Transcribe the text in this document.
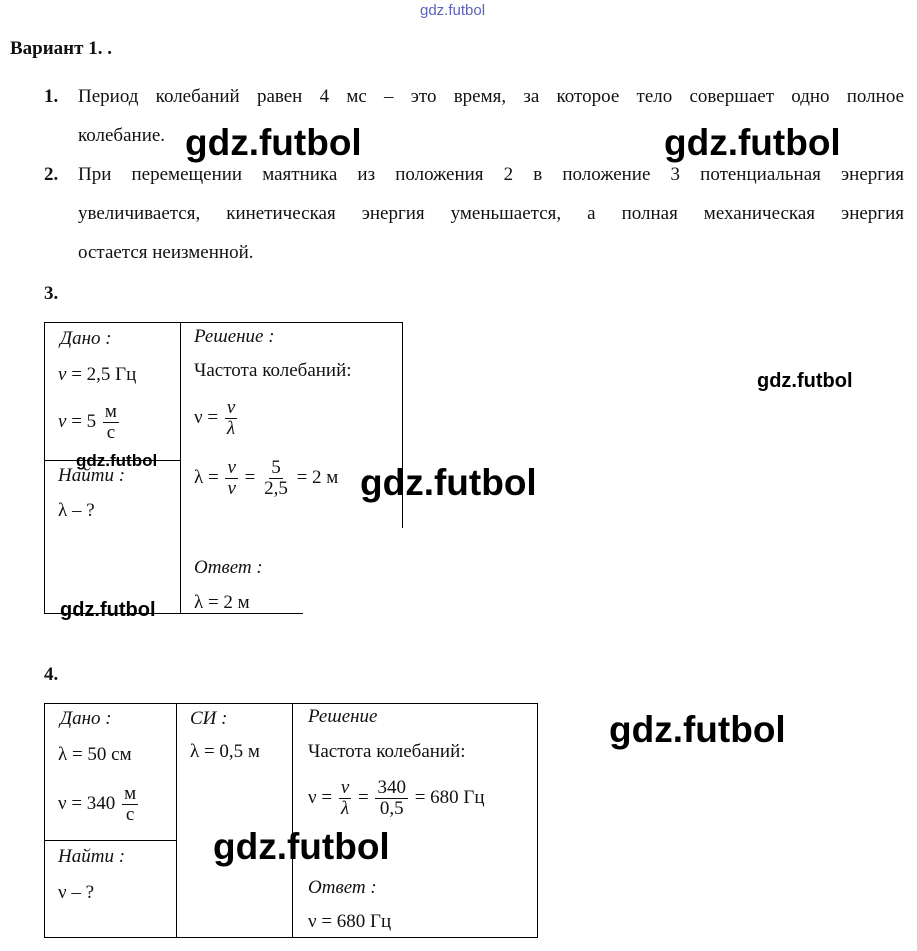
gdz.futbol
Вариант 1. .
1. Период колебаний равен 4 мс – это время, за которое тело совершает одно полное
колебание.
2. При перемещении маятника из положения 2 в положение 3 потенциальная энергия
увеличивается, кинетическая энергия уменьшается, а полная механическая энергия
остается неизменной.
3.
Дано :
ν = 2,5 Гц
$\nu = 5 \frac{м}{с}$
Найти :
λ – ?
Решение :
Частота колебаний:
$\nu = \frac{v}{\lambda}$
$\lambda = \frac{v}{\nu} = \frac{5}{2,5} = 2$ м
Ответ :
λ = 2 м
4.
Дано :
λ = 50 см
$\nu = 340 \frac{м}{с}$
Найти :
ν – ?
СИ :
λ = 0,5 м
Решение
Частота колебаний:
$\nu = \frac{v}{\lambda} = \frac{340}{0,5} = 680$ Гц
Ответ :
ν = 680 Гц
gdz.futbol	gdz.futbol
gdz.futbol
gdz.futbol
gdz.futbol
gdz.futbol
gdz.futbol
gdz.futbol
